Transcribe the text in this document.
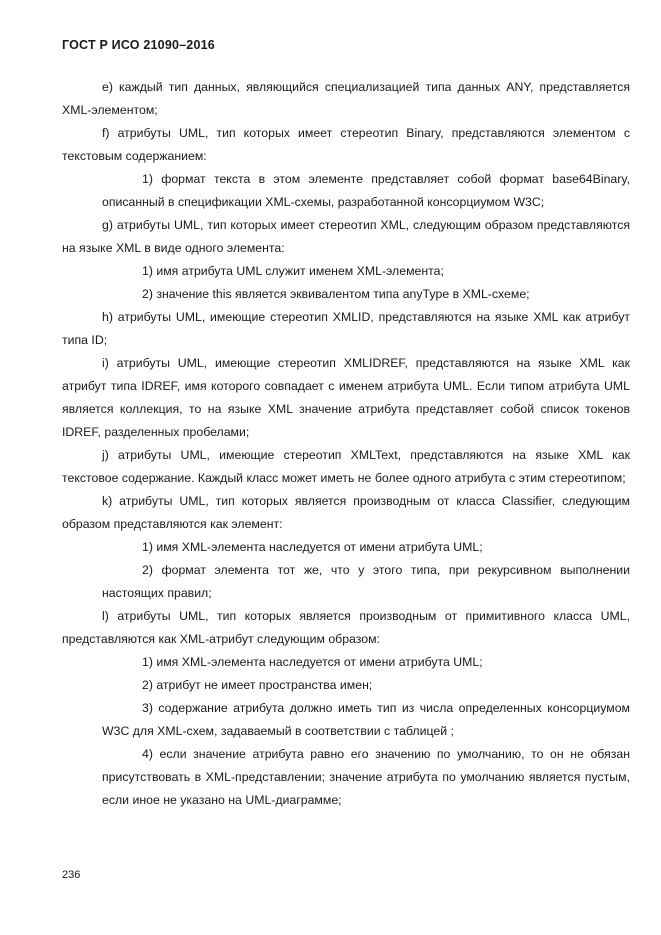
ГОСТ Р ИСО 21090–2016

e) каждый тип данных, являющийся специализацией типа данных ANY, представляется XML-элементом;

f) атрибуты UML, тип которых имеет стереотип Binary, представляются элементом с текстовым содержанием:

1) формат текста в этом элементе представляет собой формат base64Binary, описанный в спецификации XML-схемы, разработанной консорциумом W3C;

g) атрибуты UML, тип которых имеет стереотип XML, следующим образом представляются на языке XML в виде одного элемента:

1) имя атрибута UML служит именем XML-элемента;

2) значение this является эквивалентом типа anyType в XML-схеме;

h) атрибуты UML, имеющие стереотип XMLID, представляются на языке XML как атрибут типа ID;

i) атрибуты UML, имеющие стереотип XMLIDREF, представляются на языке XML как атрибут типа IDREF, имя которого совпадает с именем атрибута UML. Если типом атрибута UML является коллекция, то на языке XML значение атрибута представляет собой список токенов IDREF, разделенных пробелами;

j) атрибуты UML, имеющие стереотип XMLText, представляются на языке XML как текстовое содержание. Каждый класс может иметь не более одного атрибута с этим стереотипом;

k) атрибуты UML, тип которых является производным от класса Classifier, следующим образом представляются как элемент:

1) имя XML-элемента наследуется от имени атрибута UML;

2) формат элемента тот же, что у этого типа, при рекурсивном выполнении настоящих правил;

l) атрибуты UML, тип которых является производным от примитивного класса UML, представляются как XML-атрибут следующим образом:

1) имя XML-элемента наследуется от имени атрибута UML;

2) атрибут не имеет пространства имен;

3) содержание атрибута должно иметь тип из числа определенных консорциумом W3C для XML-схем, задаваемый в соответствии с таблицей ;

4) если значение атрибута равно его значению по умолчанию, то он не обязан присутствовать в XML-представлении; значение атрибута по умолчанию является пустым, если иное не указано на UML-диаграмме;

236
